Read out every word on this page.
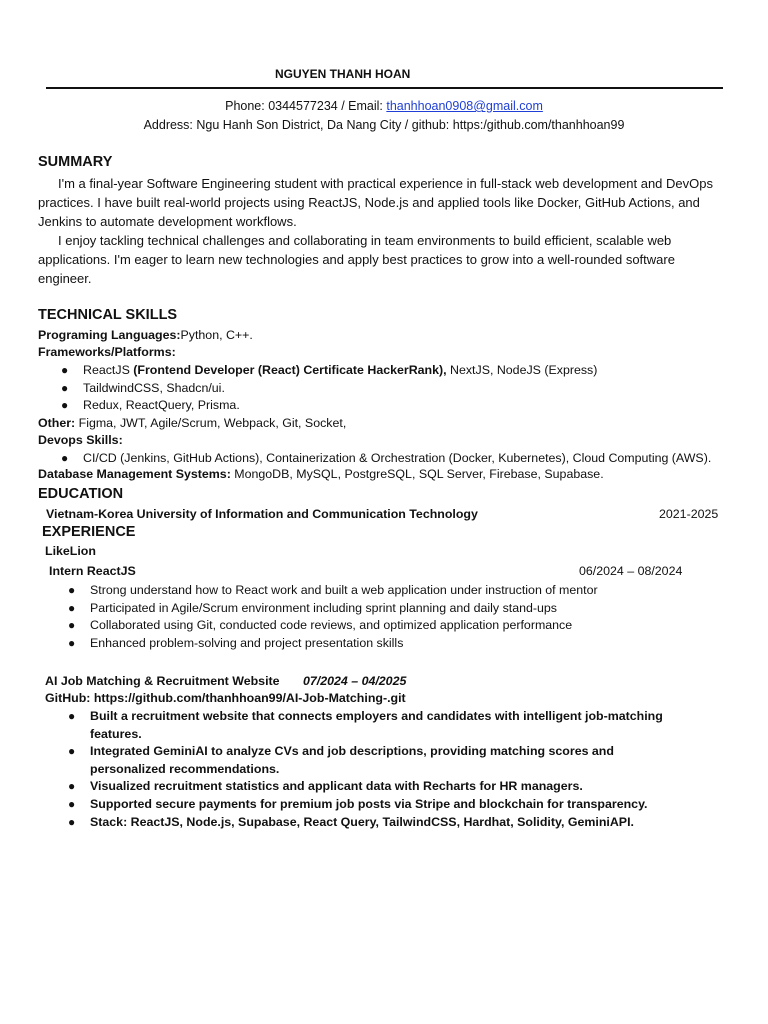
NGUYEN THANH HOAN

Phone: 0344577234 / Email: thanhhoan0908@gmail.com

Address: Ngu Hanh Son District, Da Nang City / github: https:/github.com/thanhhoan99

SUMMARY

I'm a final-year Software Engineering student with practical experience in full-stack web development and DevOps practices. I have built real-world projects using ReactJS, Node.js and applied tools like Docker, GitHub Actions, and Jenkins to automate development workflows.
I enjoy tackling technical challenges and collaborating in team environments to build efficient, scalable web applications. I'm eager to learn new technologies and apply best practices to grow into a well-rounded software engineer.

TECHNICAL SKILLS

Programing Languages:Python, C++.

Frameworks/Platforms:

● ReactJS (Frontend Developer (React) Certificate HackerRank), NextJS, NodeJS (Express)
● TaildwindCSS, Shadcn/ui.
● Redux, ReactQuery, Prisma.

Other: Figma, JWT, Agile/Scrum, Webpack, Git, Socket,

Devops Skills:

● CI/CD (Jenkins, GitHub Actions), Containerization & Orchestration (Docker, Kubernetes), Cloud Computing (AWS).

Database Management Systems: MongoDB, MySQL, PostgreSQL, SQL Server, Firebase, Supabase.

EDUCATION

Vietnam-Korea University of Information and Communication Technology	2021-2025

EXPERIENCE

LikeLion

Intern ReactJS	06/2024 – 08/2024

● Strong understand how to React work and built a web application under instruction of mentor
● Participated in Agile/Scrum environment including sprint planning and daily stand-ups
● Collaborated using Git, conducted code reviews, and optimized application performance
● Enhanced problem-solving and project presentation skills

AI Job Matching & Recruitment Website 07/2024 – 04/2025

GitHub: https://github.com/thanhhoan99/AI-Job-Matching-.git

● Built a recruitment website that connects employers and candidates with intelligent job-matching features.
● Integrated GeminiAI to analyze CVs and job descriptions, providing matching scores and personalized recommendations.
● Visualized recruitment statistics and applicant data with Recharts for HR managers.
● Supported secure payments for premium job posts via Stripe and blockchain for transparency.
● Stack: ReactJS, Node.js, Supabase, React Query, TailwindCSS, Hardhat, Solidity, GeminiAPI.
